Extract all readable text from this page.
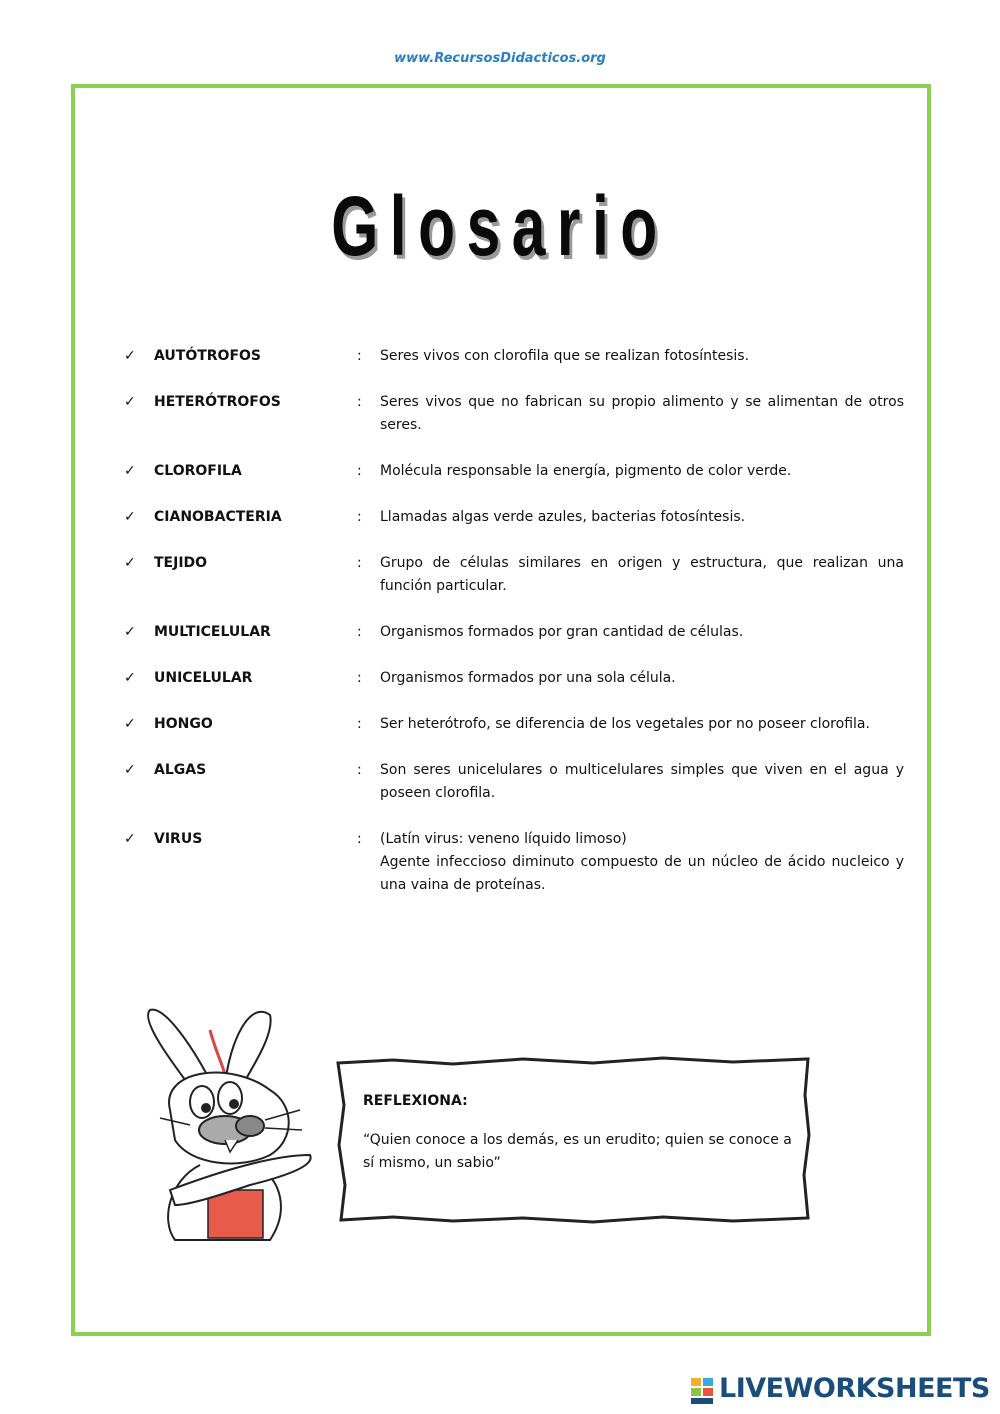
www.RecursosDidacticos.org
Glosario
✓	AUTÓTROFOS	: Seres vivos con clorofila que se realizan fotosíntesis.
✓	HETERÓTROFOS	: Seres vivos que no fabrican su propio alimento y se alimentan de otros seres.
✓	CLOROFILA	: Molécula responsable la energía, pigmento de color verde.
✓	CIANOBACTERIA	: Llamadas algas verde azules, bacterias fotosíntesis.
✓	TEJIDO	: Grupo de células similares en origen y estructura, que realizan una función particular.
✓	MULTICELULAR	: Organismos formados por gran cantidad de células.
✓	UNICELULAR	: Organismos formados por una sola célula.
✓	HONGO	: Ser heterótrofo, se diferencia de los vegetales por no poseer clorofila.
✓	ALGAS	: Son seres unicelulares o multicelulares simples que viven en el agua y poseen clorofila.
✓	VIRUS	: (Latín virus: veneno líquido limoso)
Agente infeccioso diminuto compuesto de un núcleo de ácido nucleico y una vaina de proteínas.
REFLEXIONA:
“Quien conoce a los demás, es un erudito; quien se conoce a sí mismo, un sabio”
LIVEWORKSHEETS
